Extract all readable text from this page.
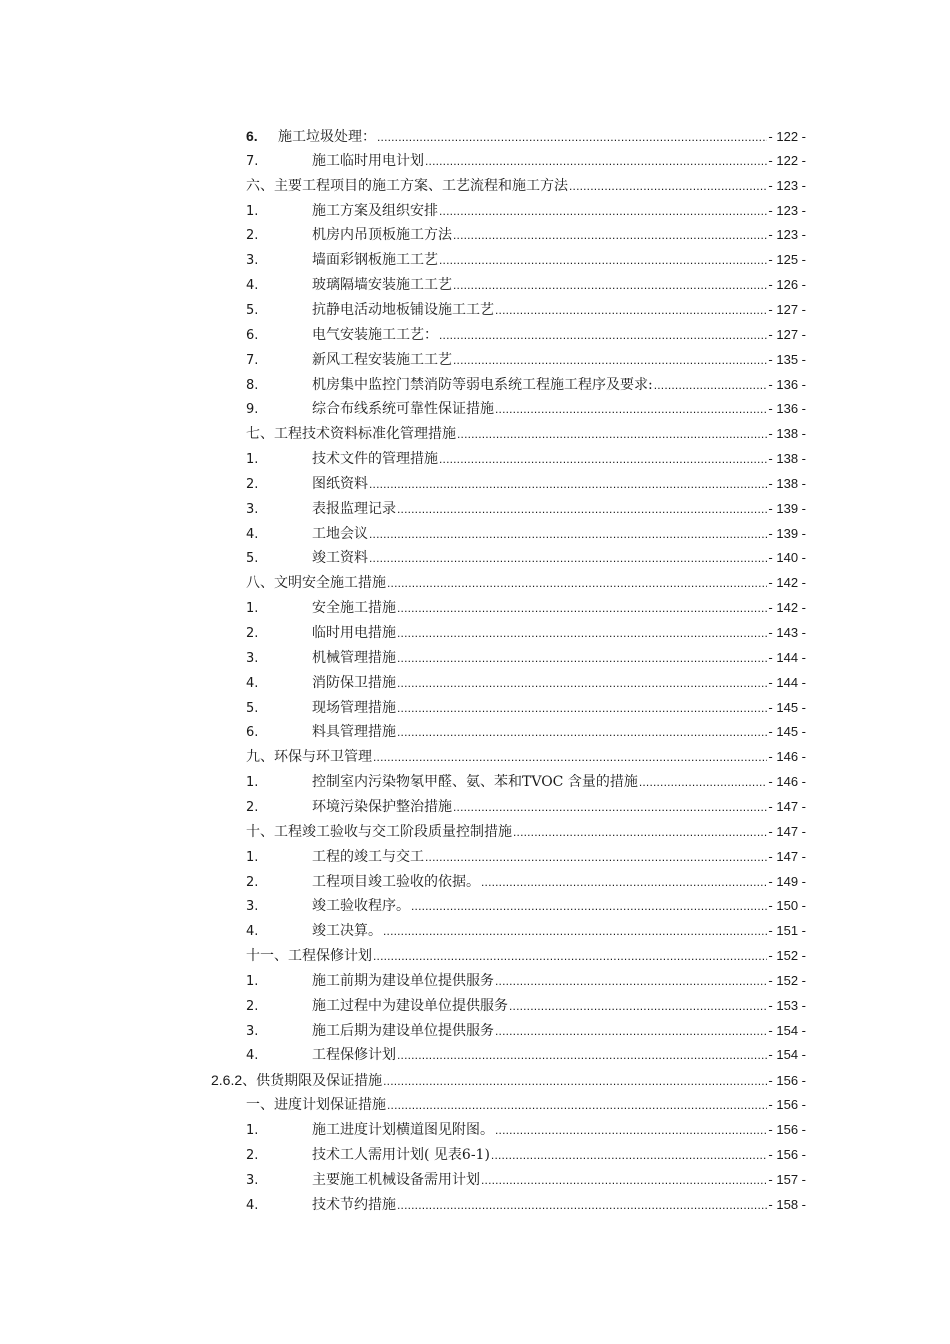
6.	施工垃圾处理： .....	- 122 -
7.	施工临时用电计划 .....	- 122 -
六、主要工程项目的施工方案、工艺流程和施工方法 .....	- 123 -
1.	施工方案及组织安排 .....	- 123 -
2.	机房内吊顶板施工方法 .....	- 123 -
3.	墙面彩钢板施工工艺 .....	- 125 -
4.	玻璃隔墙安装施工工艺 .....	- 126 -
5.	抗静电活动地板铺设施工工艺 .....	- 127 -
6.	电气安装施工工艺： .....	- 127 -
7.	新风工程安装施工工艺 .....	- 135 -
8.	机房集中监控门禁消防等弱电系统工程施工程序及要求: .....	- 136 -
9.	综合布线系统可靠性保证措施 .....	- 136 -
七、工程技术资料标准化管理措施 .....	- 138 -
1.	技术文件的管理措施 .....	- 138 -
2.	图纸资料 .....	- 138 -
3.	表报监理记录 .....	- 139 -
4.	工地会议 .....	- 139 -
5.	竣工资料 .....	- 140 -
八、文明安全施工措施 .....	- 142 -
1.	安全施工措施 .....	- 142 -
2.	临时用电措施 .....	- 143 -
3.	机械管理措施 .....	- 144 -
4.	消防保卫措施 .....	- 144 -
5.	现场管理措施 .....	- 145 -
6.	料具管理措施 .....	- 145 -
九、环保与环卫管理 .....	- 146 -
1.	控制室内污染物氡甲醛、氨、苯和TVOC 含量的措施 .....	- 146 -
2.	环境污染保护整治措施 .....	- 147 -
十、工程竣工验收与交工阶段质量控制措施 .....	- 147 -
1.	工程的竣工与交工 .....	- 147 -
2.	工程项目竣工验收的依据。 .....	- 149 -
3.	竣工验收程序。 .....	- 150 -
4.	竣工决算。 .....	- 151 -
十一、工程保修计划 .....	- 152 -
1.	施工前期为建设单位提供服务 .....	- 152 -
2.	施工过程中为建设单位提供服务 .....	- 153 -
3.	施工后期为建设单位提供服务 .....	- 154 -
4.	工程保修计划 .....	- 154 -
2.6.2、供货期限及保证措施 .....	- 156 -
一、进度计划保证措施 .....	- 156 -
1.	施工进度计划横道图见附图。 .....	- 156 -
2.	技术工人需用计划( 见表6-1) .....	- 156 -
3.	主要施工机械设备需用计划 .....	- 157 -
4.	技术节约措施 .....	- 158 -
